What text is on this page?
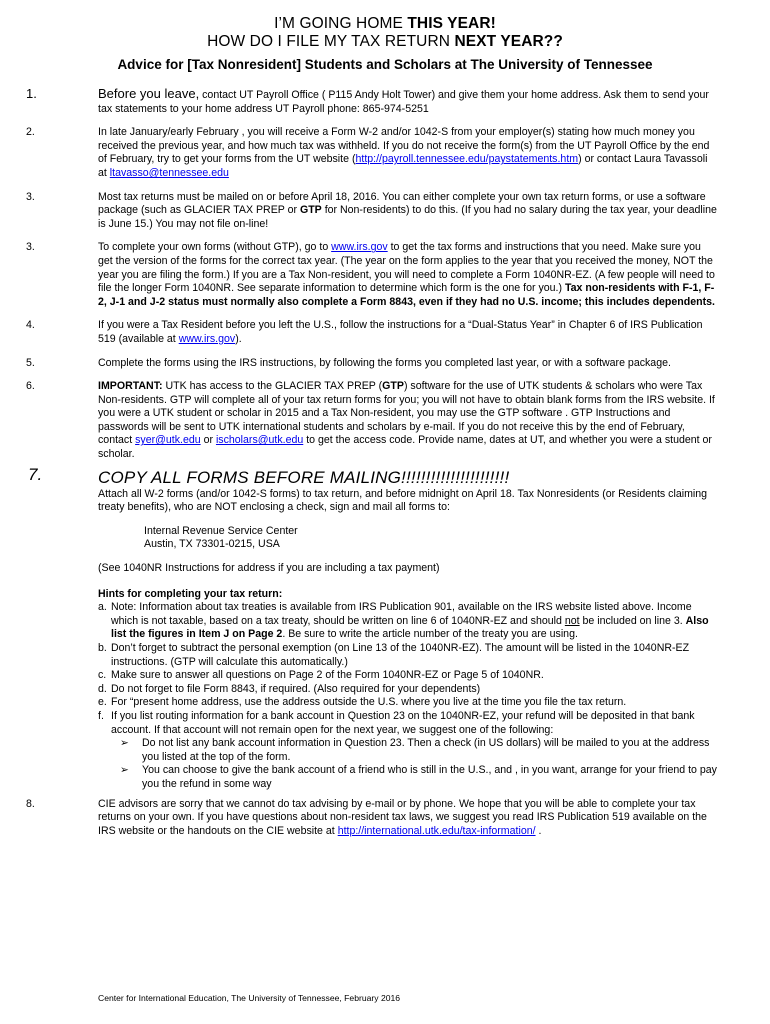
I’M GOING HOME THIS YEAR!
HOW DO I FILE MY TAX RETURN NEXT YEAR??
Advice for [Tax Nonresident] Students and Scholars at The University of Tennessee
1.	Before you leave, contact UT Payroll Office ( P115 Andy Holt Tower) and give them your home address. Ask them to send your tax statements to your home address UT Payroll phone: 865-974-5251
2.	In late January/early February , you will receive a Form W-2 and/or 1042-S from your employer(s) stating how much money you received the previous year, and how much tax was withheld. If you do not receive the form(s) from the UT Payroll Office by the end of February, try to get your forms from the UT website (http://payroll.tennessee.edu/paystatements.htm) or contact Laura Tavassoli at ltavasso@tennessee.edu
3.	Most tax returns must be mailed on or before April 18, 2016. You can either complete your own tax return forms, or use a software package (such as GLACIER TAX PREP or GTP for Non-residents) to do this. (If you had no salary during the tax year, your deadline is June 15.) You may not file on-line!
3.	To complete your own forms (without GTP), go to www.irs.gov to get the tax forms and instructions that you need. Make sure you get the version of the forms for the correct tax year. (The year on the form applies to the year that you received the money, NOT the year you are filing the form.) If you are a Tax Non-resident, you will need to complete a Form 1040NR-EZ. (A few people will need to file the longer Form 1040NR. See separate information to determine which form is the one for you.) Tax non-residents with F-1, F-2, J-1 and J-2 status must normally also complete a Form 8843, even if they had no U.S. income; this includes dependents.
4.	If you were a Tax Resident before you left the U.S., follow the instructions for a “Dual-Status Year” in Chapter 6 of IRS Publication 519 (available at www.irs.gov).
5.	Complete the forms using the IRS instructions, by following the forms you completed last year, or with a software package.
6.	IMPORTANT: UTK has access to the GLACIER TAX PREP (GTP) software for the use of UTK students & scholars who were Tax Non-residents. GTP will complete all of your tax return forms for you; you will not have to obtain blank forms from the IRS website. If you were a UTK student or scholar in 2015 and a Tax Non-resident, you may use the GTP software . GTP Instructions and passwords will be sent to UTK international students and scholars by e-mail. If you do not receive this by the end of February, contact syer@utk.edu or ischolars@utk.edu to get the access code. Provide name, dates at UT, and whether you were a student or scholar.
7.	COPY ALL FORMS BEFORE MAILING!!!!!!!!!!!!!!!!!!!!!!
Attach all W-2 forms (and/or 1042-S forms) to tax return, and before midnight on April 18. Tax Nonresidents (or Residents claiming treaty benefits), who are NOT enclosing a check, sign and mail all forms to:
Internal Revenue Service Center
Austin, TX 73301-0215, USA
(See 1040NR Instructions for address if you are including a tax payment)
Hints for completing your tax return:
a. Note: Information about tax treaties is available from IRS Publication 901, available on the IRS website listed above. Income which is not taxable, based on a tax treaty, should be written on line 6 of 1040NR-EZ and should not be included on line 3. Also list the figures in Item J on Page 2. Be sure to write the article number of the treaty you are using.
b. Don’t forget to subtract the personal exemption (on Line 13 of the 1040NR-EZ). The amount will be listed in the 1040NR-EZ instructions. (GTP will calculate this automatically.)
c. Make sure to answer all questions on Page 2 of the Form 1040NR-EZ or Page 5 of 1040NR.
d. Do not forget to file Form 8843, if required. (Also required for your dependents)
e. For “present home address, use the address outside the U.S. where you live at the time you file the tax return.
f. If you list routing information for a bank account in Question 23 on the 1040NR-EZ, your refund will be deposited in that bank account. If that account will not remain open for the next year, we suggest one of the following:
➢ Do not list any bank account information in Question 23. Then a check (in US dollars) will be mailed to you at the address you listed at the top of the form.
➢ You can choose to give the bank account of a friend who is still in the U.S., and , in you want, arrange for your friend to pay you the refund in some way
8.	CIE advisors are sorry that we cannot do tax advising by e-mail or by phone. We hope that you will be able to complete your tax returns on your own. If you have questions about non-resident tax laws, we suggest you read IRS Publication 519 available on the IRS website or the handouts on the CIE website at http://international.utk.edu/tax-information/ .
Center for International Education, The University of Tennessee, February 2016
